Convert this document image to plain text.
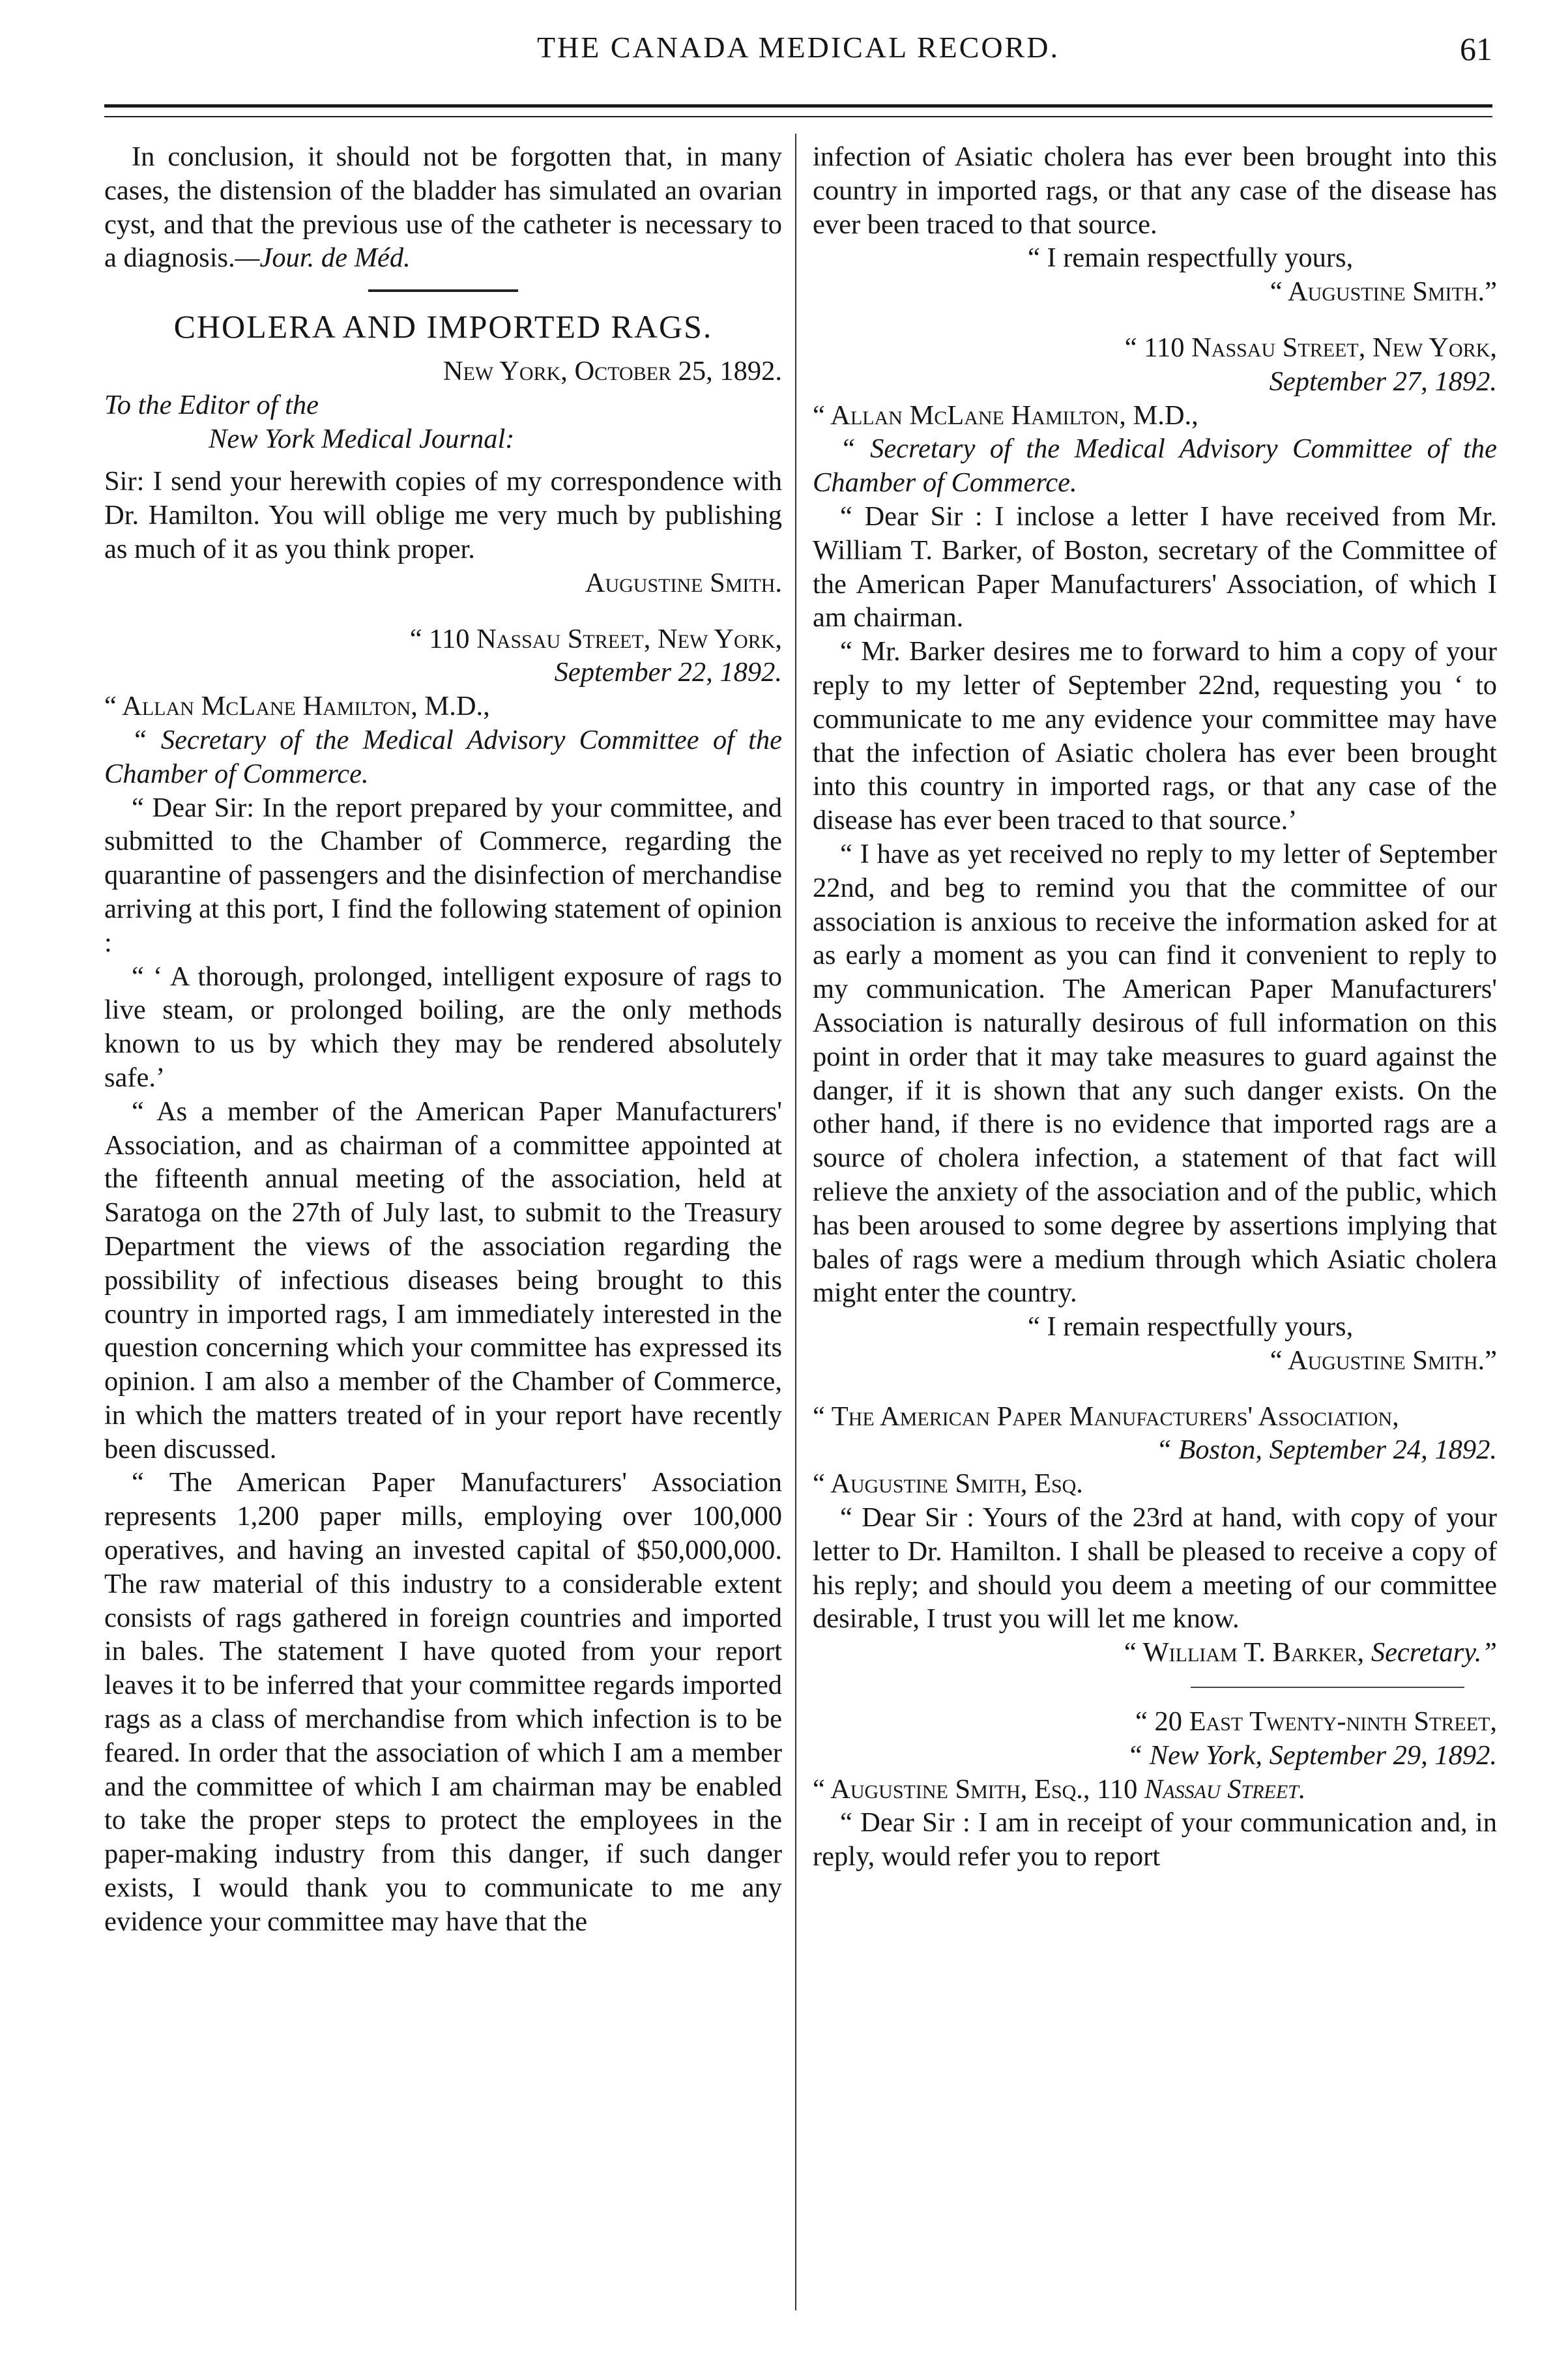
THE CANADA MEDICAL RECORD.	61

In conclusion, it should not be forgotten that, in many cases, the distension of the bladder has simulated an ovarian cyst, and that the previous use of the catheter is necessary to a diagnosis.—Jour. de Méd.

CHOLERA AND IMPORTED RAGS.

New York, October 25, 1892.

To the Editor of the

New York Medical Journal:

Sir: I send your herewith copies of my correspondence with Dr. Hamilton. You will oblige me very much by publishing as much of it as you think proper.

Augustine Smith.

“ 110 Nassau Street, New York,

September 22, 1892.

“ Allan McLane Hamilton, M.D.,

“ Secretary of the Medical Advisory Committee of the Chamber of Commerce.

“ Dear Sir: In the report prepared by your committee, and submitted to the Chamber of Commerce, regarding the quarantine of passengers and the disinfection of merchandise arriving at this port, I find the following statement of opinion :

“ ‘ A thorough, prolonged, intelligent exposure of rags to live steam, or prolonged boiling, are the only methods known to us by which they may be rendered absolutely safe.’

“ As a member of the American Paper Manufacturers' Association, and as chairman of a committee appointed at the fifteenth annual meeting of the association, held at Saratoga on the 27th of July last, to submit to the Treasury Department the views of the association regarding the possibility of infectious diseases being brought to this country in imported rags, I am immediately interested in the question concerning which your committee has expressed its opinion. I am also a member of the Chamber of Commerce, in which the matters treated of in your report have recently been discussed.

“ The American Paper Manufacturers' Association represents 1,200 paper mills, employing over 100,000 operatives, and having an invested capital of $50,000,000. The raw material of this industry to a considerable extent consists of rags gathered in foreign countries and imported in bales. The statement I have quoted from your report leaves it to be inferred that your committee regards imported rags as a class of merchandise from which infection is to be feared. In order that the association of which I am a member and the committee of which I am chairman may be enabled to take the proper steps to protect the employees in the paper-making industry from this danger, if such danger exists, I would thank you to communicate to me any evidence your committee may have that the

infection of Asiatic cholera has ever been brought into this country in imported rags, or that any case of the disease has ever been traced to that source.

“ I remain respectfully yours,

“ Augustine Smith.”

“ 110 Nassau Street, New York,

September 27, 1892.

“ Allan McLane Hamilton, M.D.,

“ Secretary of the Medical Advisory Committee of the Chamber of Commerce.

“ Dear Sir : I inclose a letter I have received from Mr. William T. Barker, of Boston, secretary of the Committee of the American Paper Manufacturers' Association, of which I am chairman.

“ Mr. Barker desires me to forward to him a copy of your reply to my letter of September 22nd, requesting you ‘ to communicate to me any evidence your committee may have that the infection of Asiatic cholera has ever been brought into this country in imported rags, or that any case of the disease has ever been traced to that source.’

“ I have as yet received no reply to my letter of September 22nd, and beg to remind you that the committee of our association is anxious to receive the information asked for at as early a moment as you can find it convenient to reply to my communication. The American Paper Manufacturers' Association is naturally desirous of full information on this point in order that it may take measures to guard against the danger, if it is shown that any such danger exists. On the other hand, if there is no evidence that imported rags are a source of cholera infection, a statement of that fact will relieve the anxiety of the association and of the public, which has been aroused to some degree by assertions implying that bales of rags were a medium through which Asiatic cholera might enter the country.

“ I remain respectfully yours,

“ Augustine Smith.”

“ The American Paper Manufacturers' Association,

“ Boston, September 24, 1892.

“ Augustine Smith, Esq.

“ Dear Sir : Yours of the 23rd at hand, with copy of your letter to Dr. Hamilton. I shall be pleased to receive a copy of his reply; and should you deem a meeting of our committee desirable, I trust you will let me know.

“ William T. Barker, Secretary.”

“ 20 East Twenty-ninth Street,

“ New York, September 29, 1892.

“ Augustine Smith, Esq., 110 Nassau Street.

“ Dear Sir : I am in receipt of your communication and, in reply, would refer you to report
